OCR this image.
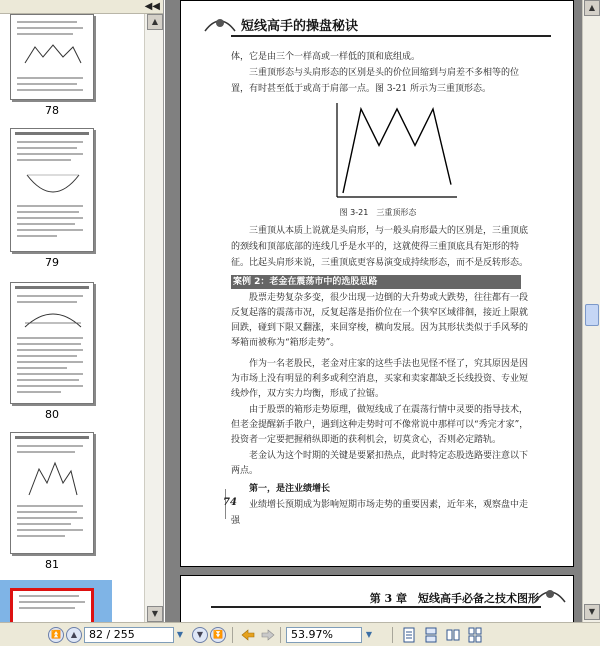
◀◀
78
79
80
81
▲
▼
短线高手的操盘秘诀
体，它是由三个一样高或一样低的顶和底组成。
三重顶形态与头肩形态的区别是头的价位回缩到与肩差不多相等的位置，有时甚至低于或高于肩部一点。图 3-21 所示为三重顶形态。
图 3-21　三重顶形态
三重顶从本质上说就是头肩形，与一般头肩形最大的区别是，三重顶底的颈线和顶部底部的连线几乎是水平的，这就使得三重顶底具有矩形的特征。比起头肩形来说，三重顶底更容易演变成持续形态，而不是反转形态。
案例 2：老金在震荡市中的选股思路
股票走势复杂多变，很少出现一边倒的大升势或大跌势，往往都有一段反复起落的震荡市况，反复起落是指价位在一个狭窄区域徘徊，接近上限就回跌，碰到下限又翻涨，来回穿梭，横向发展。因为其形状类似于手风琴的琴箱而被称为“箱形走势”。
作为一名老股民，老金对庄家的这些手法也见怪不怪了，究其原因是因为市场上没有明显的利多或利空消息，买家和卖家都缺乏长线投资、专业短线炒作，双方实力均衡，形成了拉锯。
由于股票的箱形走势原理，做短线成了在震荡行情中灵要的指导技术，但老金提醒新手散户，遇到这种走势时可不像常说中那样可以“秀完才家”，投资者一定要把握稍纵即逝的获利机会，切莫贪心，否则必定踏轨。
老金认为这个时期的关键是要紧扣热点，此时特定态股选路要注意以下两点。
第一，是注业绩增长
业绩增长预期成为影响短期市场走势的重要因素，近年来，观察盘中走强
74
第 3 章　短线高手必备之技术图形
▲
▼
⏫	▲	82 / 255	▼	▼	⏬	53.97%	▼
